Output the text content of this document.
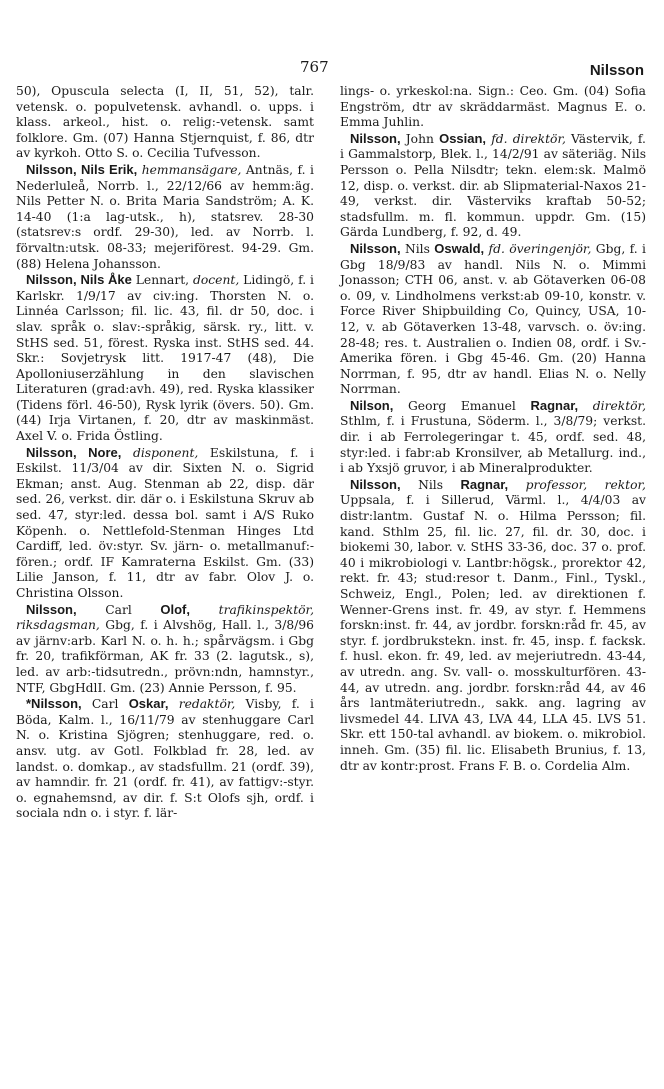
767	Nilsson

50), Opuscula selecta (I, II, 51, 52), talr. vetensk. o. populvetensk. avhandl. o. upps. i klass. arkeol., hist. o. relig:-vetensk. samt folklore. Gm. (07) Hanna Stjernquist, f. 86, dtr av kyrkoh. Otto S. o. Cecilia Tufvesson.

Nilsson, Nils Erik, hemmansägare, Antnäs, f. i Nederluleå, Norrb. l., 22/12/66 av hemm:äg. Nils Petter N. o. Brita Maria Sandström; A. K. 14-40 (1:a lag-utsk., h), statsrev. 28-30 (statsrev:s ordf. 29-30), led. av Norrb. l. förvaltn:utsk. 08-33; mejeriförest. 94-29. Gm. (88) Helena Johansson.

Nilsson, Nils Åke Lennart, docent, Lidingö, f. i Karlskr. 1/9/17 av civ:ing. Thorsten N. o. Linnéa Carlsson; fil. lic. 43, fil. dr 50, doc. i slav. språk o. slav:-språkig, särsk. ry., litt. v. StHS sed. 51, förest. Ryska inst. StHS sed. 44. Skr.: Sovjetrysk litt. 1917-47 (48), Die Apolloniuserzählung in den slavischen Literaturen (grad:avh. 49), red. Ryska klassiker (Tidens förl. 46-50), Rysk lyrik (övers. 50). Gm. (44) Irja Virtanen, f. 20, dtr av maskinmäst. Axel V. o. Frida Östling.

Nilsson, Nore, disponent, Eskilstuna, f. i Eskilst. 11/3/04 av dir. Sixten N. o. Sigrid Ekman; anst. Aug. Stenman ab 22, disp. där sed. 26, verkst. dir. där o. i Eskilstuna Skruv ab sed. 47, styr:led. dessa bol. samt i A/S Ruko Köpenh. o. Nettlefold-Stenman Hinges Ltd Cardiff, led. öv:styr. Sv. järn- o. metallmanuf:-fören.; ordf. IF Kamraterna Eskilst. Gm. (33) Lilie Janson, f. 11, dtr av fabr. Olov J. o. Christina Olsson.

Nilsson, Carl Olof, trafikinspektör, riksdagsman, Gbg, f. i Alvshög, Hall. l., 3/8/96 av järnv:arb. Karl N. o. h. h.; spårvägsm. i Gbg fr. 20, trafikförman, AK fr. 33 (2. lagutsk., s), led. av arb:-tidsutredn., prövn:ndn, hamnstyr., NTF, GbgHdlI. Gm. (23) Annie Persson, f. 95.

*Nilsson, Carl Oskar, redaktör, Visby, f. i Böda, Kalm. l., 16/11/79 av stenhuggare Carl N. o. Kristina Sjögren; stenhuggare, red. o. ansv. utg. av Gotl. Folkblad fr. 28, led. av landst. o. domkap., av stadsfullm. 21 (ordf. 39), av hamndir. fr. 21 (ordf. fr. 41), av fattigv:-styr. o. egnahemsnd, av dir. f. S:t Olofs sjh, ordf. i sociala ndn o. i styr. f. lär-

lings- o. yrkeskol:na. Sign.: Ceo. Gm. (04) Sofia Engström, dtr av skräddarmäst. Magnus E. o. Emma Juhlin.

Nilsson, John Ossian, fd. direktör, Västervik, f. i Gammalstorp, Blek. l., 14/2/91 av säteriäg. Nils Persson o. Pella Nilsdtr; tekn. elem:sk. Malmö 12, disp. o. verkst. dir. ab Slipmaterial-Naxos 21-49, verkst. dir. Västerviks kraftab 50-52; stadsfullm. m. fl. kommun. uppdr. Gm. (15) Gärda Lundberg, f. 92, d. 49.

Nilsson, Nils Oswald, fd. överingenjör, Gbg, f. i Gbg 18/9/83 av handl. Nils N. o. Mimmi Jonasson; CTH 06, anst. v. ab Götaverken 06-08 o. 09, v. Lindholmens verkst:ab 09-10, konstr. v. Force River Shipbuilding Co, Quincy, USA, 10-12, v. ab Götaverken 13-48, varvsch. o. öv:ing. 28-48; res. t. Australien o. Indien 08, ordf. i Sv.-Amerika fören. i Gbg 45-46. Gm. (20) Hanna Norrman, f. 95, dtr av handl. Elias N. o. Nelly Norrman.

Nilson, Georg Emanuel Ragnar, direktör, Sthlm, f. i Frustuna, Söderm. l., 3/8/79; verkst. dir. i ab Ferrolegeringar t. 45, ordf. sed. 48, styr:led. i fabr:ab Kronsilver, ab Metallurg. ind., i ab Yxsjö gruvor, i ab Mineralprodukter.

Nilsson, Nils Ragnar, professor, rektor, Uppsala, f. i Sillerud, Värml. l., 4/4/03 av distr:lantm. Gustaf N. o. Hilma Persson; fil. kand. Sthlm 25, fil. lic. 27, fil. dr. 30, doc. i biokemi 30, labor. v. StHS 33-36, doc. 37 o. prof. 40 i mikrobiologi v. Lantbr:högsk., prorektor 42, rekt. fr. 43; stud:resor t. Danm., Finl., Tyskl., Schweiz, Engl., Polen; led. av direktionen f. Wenner-Grens inst. fr. 49, av styr. f. Hemmens forskn:inst. fr. 44, av jordbr. forskn:råd fr. 45, av styr. f. jordbrukstekn. inst. fr. 45, insp. f. facksk. f. husl. ekon. fr. 49, led. av mejeriutredn. 43-44, av utredn. ang. Sv. vall- o. mosskulturfören. 43-44, av utredn. ang. jordbr. forskn:råd 44, av 46 års lantmäteriutredn., sakk. ang. lagring av livsmedel 44. LIVA 43, LVA 44, LLA 45. LVS 51. Skr. ett 150-tal avhandl. av biokem. o. mikrobiol. inneh. Gm. (35) fil. lic. Elisabeth Brunius, f. 13, dtr av kontr:prost. Frans F. B. o. Cordelia Alm.
